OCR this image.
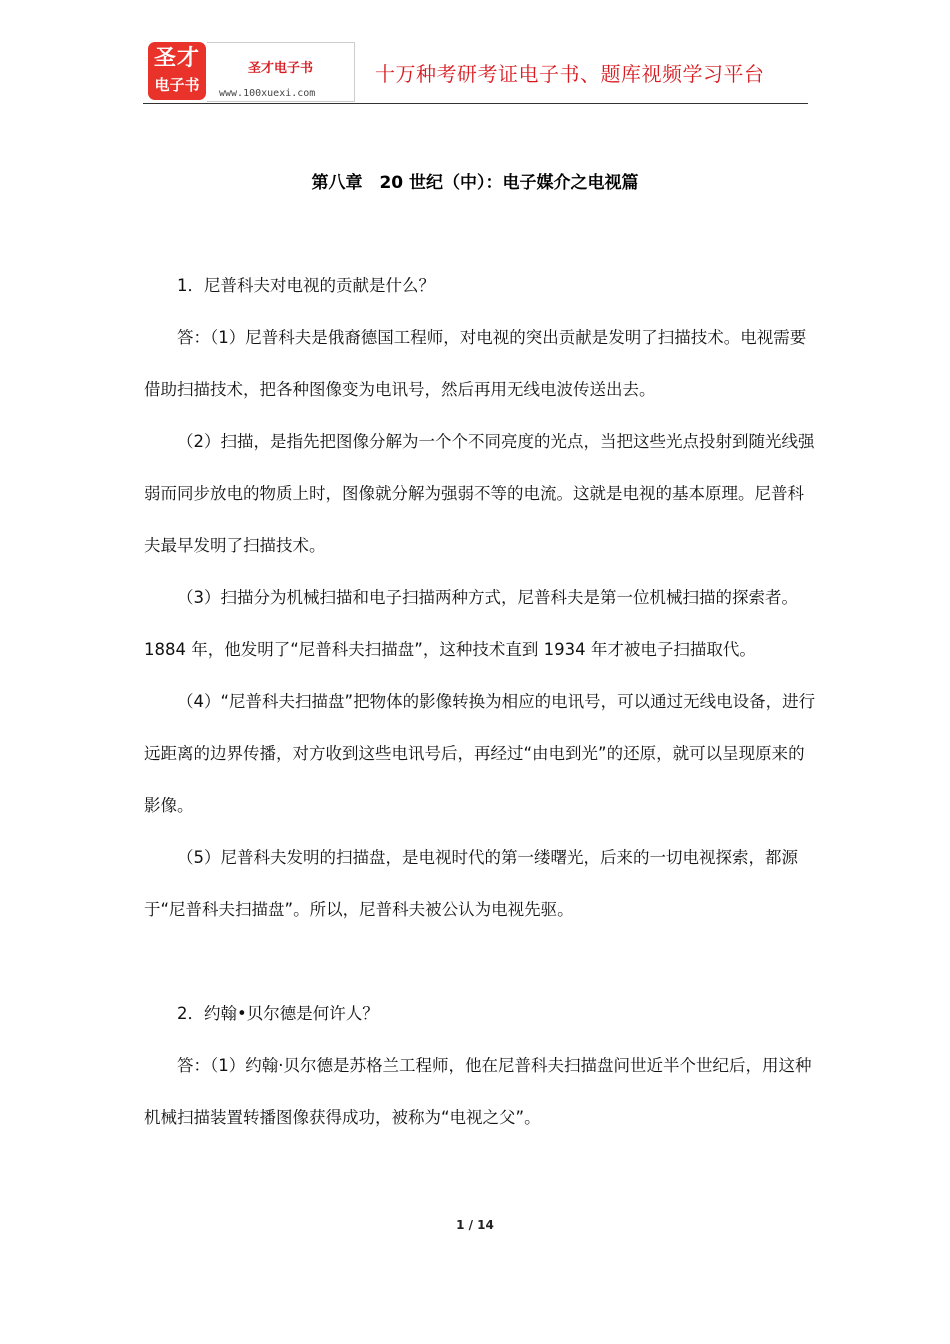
圣才
电子书
圣才电子书
www.100xuexi.com
十万种考研考证电子书、题库视频学习平台
第八章　20 世纪（中）：电子媒介之电视篇

1．尼普科夫对电视的贡献是什么？

答：（1）尼普科夫是俄裔德国工程师，对电视的突出贡献是发明了扫描技术。电视需要借助扫描技术，把各种图像变为电讯号，然后再用无线电波传送出去。

（2）扫描，是指先把图像分解为一个个不同亮度的光点，当把这些光点投射到随光线强弱而同步放电的物质上时，图像就分解为强弱不等的电流。这就是电视的基本原理。尼普科夫最早发明了扫描技术。

（3）扫描分为机械扫描和电子扫描两种方式，尼普科夫是第一位机械扫描的探索者。1884 年，他发明了“尼普科夫扫描盘”，这种技术直到 1934 年才被电子扫描取代。

（4）“尼普科夫扫描盘”把物体的影像转换为相应的电讯号，可以通过无线电设备，进行远距离的边界传播，对方收到这些电讯号后，再经过“由电到光”的还原，就可以呈现原来的影像。

（5）尼普科夫发明的扫描盘，是电视时代的第一缕曙光，后来的一切电视探索，都源于“尼普科夫扫描盘”。所以，尼普科夫被公认为电视先驱。

2．约翰•贝尔德是何许人？

答：（1）约翰·贝尔德是苏格兰工程师，他在尼普科夫扫描盘问世近半个世纪后，用这种机械扫描装置转播图像获得成功，被称为“电视之父”。

1 / 14
